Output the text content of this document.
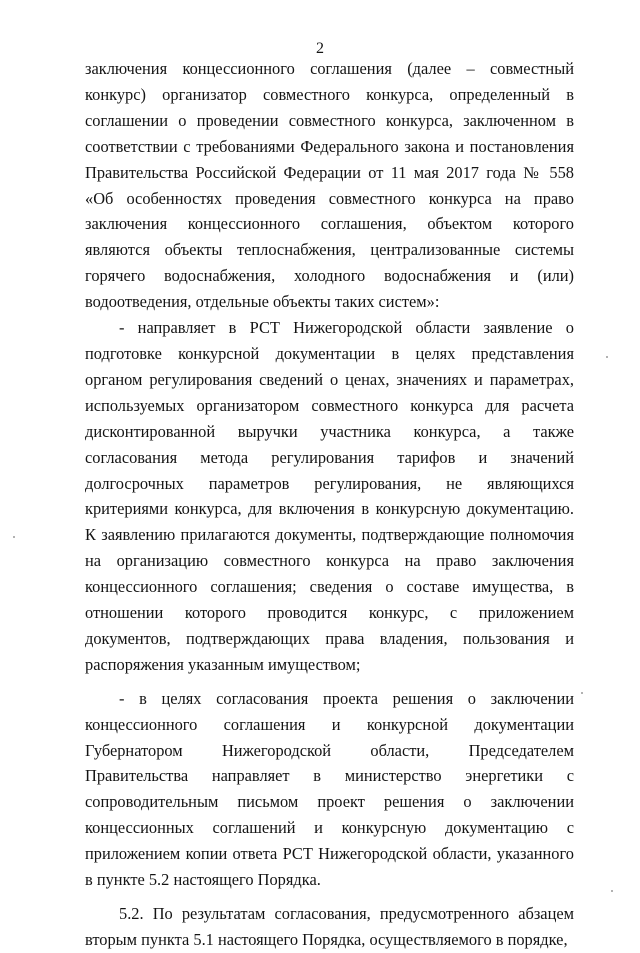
2

заключения концессионного соглашения (далее – совместный конкурс) организатор совместного конкурса, определенный в соглашении о проведении совместного конкурса, заключенном в соответствии с требованиями Федерального закона и постановления Правительства Российской Федерации от 11 мая 2017 года № 558 «Об особенностях проведения совместного конкурса на право заключения концессионного соглашения, объектом которого являются объекты теплоснабжения, централизованные системы горячего водоснабжения, холодного водоснабжения и (или) водоотведения, отдельные объекты таких систем»:

- направляет в РСТ Нижегородской области заявление о подготовке конкурсной документации в целях представления органом регулирования сведений о ценах, значениях и параметрах, используемых организатором совместного конкурса для расчета дисконтированной выручки участника конкурса, а также согласования метода регулирования тарифов и значений долгосрочных параметров регулирования, не являющихся критериями конкурса, для включения в конкурсную документацию. К заявлению прилагаются документы, подтверждающие полномочия на организацию совместного конкурса на право заключения концессионного соглашения; сведения о составе имущества, в отношении которого проводится конкурс, с приложением документов, подтверждающих права владения, пользования и распоряжения указанным имуществом;

- в целях согласования проекта решения о заключении концессионного соглашения и конкурсной документации Губернатором Нижегородской области, Председателем Правительства направляет в министерство энергетики с сопроводительным письмом проект решения о заключении концессионных соглашений и конкурсную документацию с приложением копии ответа РСТ Нижегородской области, указанного в пункте 5.2 настоящего Порядка.

5.2. По результатам согласования, предусмотренного абзацем вторым пункта 5.1 настоящего Порядка, осуществляемого в порядке,
